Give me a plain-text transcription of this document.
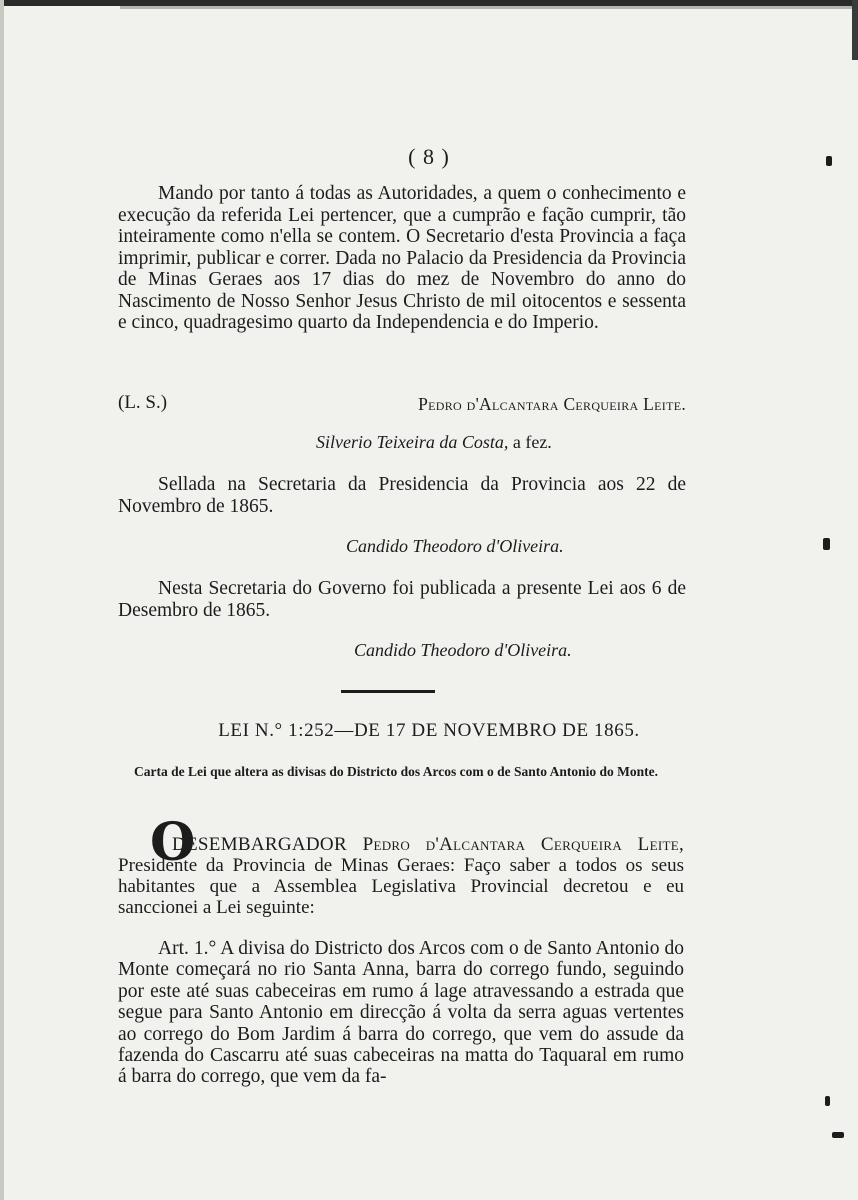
( 8 )

Mando por tanto á todas as Autoridades, a quem o conhecimento e execução da referida Lei pertencer, que a cumprão e fação cumprir, tão inteiramente como n'ella se contem. O Secretario d'esta Provincia a faça imprimir, publicar e correr. Dada no Palacio da Presidencia da Provincia de Minas Geraes aos 17 dias do mez de Novembro do anno do Nascimento de Nosso Senhor Jesus Christo de mil oitocentos e sessenta e cinco, quadragesimo quarto da Independencia e do Imperio.

(L. S.)	Pedro d'Alcantara Cerqueira Leite.
Silverio Teixeira da Costa, a fez.

Sellada na Secretaria da Presidencia da Provincia aos 22 de Novembro de 1865.

Candido Theodoro d'Oliveira.

Nesta Secretaria do Governo foi publicada a presente Lei aos 6 de Desembro de 1865.

Candido Theodoro d'Oliveira.
LEI N.° 1:252—DE 17 DE NOVEMBRO DE 1865.
Carta de Lei que altera as divisas do Districto dos Arcos com o de Santo Antonio do Monte.
O
DESEMBARGADOR Pedro d'Alcantara Cerqueira Leite, Presidente da Provincia de Minas Geraes: Faço saber a todos os seus habitantes que a Assemblea Legislativa Provincial decretou e eu sanccionei a Lei seguinte:

Art. 1.° A divisa do Districto dos Arcos com o de Santo Antonio do Monte começará no rio Santa Anna, barra do corrego fundo, seguindo por este até suas cabeceiras em rumo á lage atravessando a estrada que segue para Santo Antonio em direcção á volta da serra aguas vertentes ao corrego do Bom Jardim á barra do corrego, que vem do assude da fazenda do Cascarru até suas cabeceiras na matta do Taquaral em rumo á barra do corrego, que vem da fa-
